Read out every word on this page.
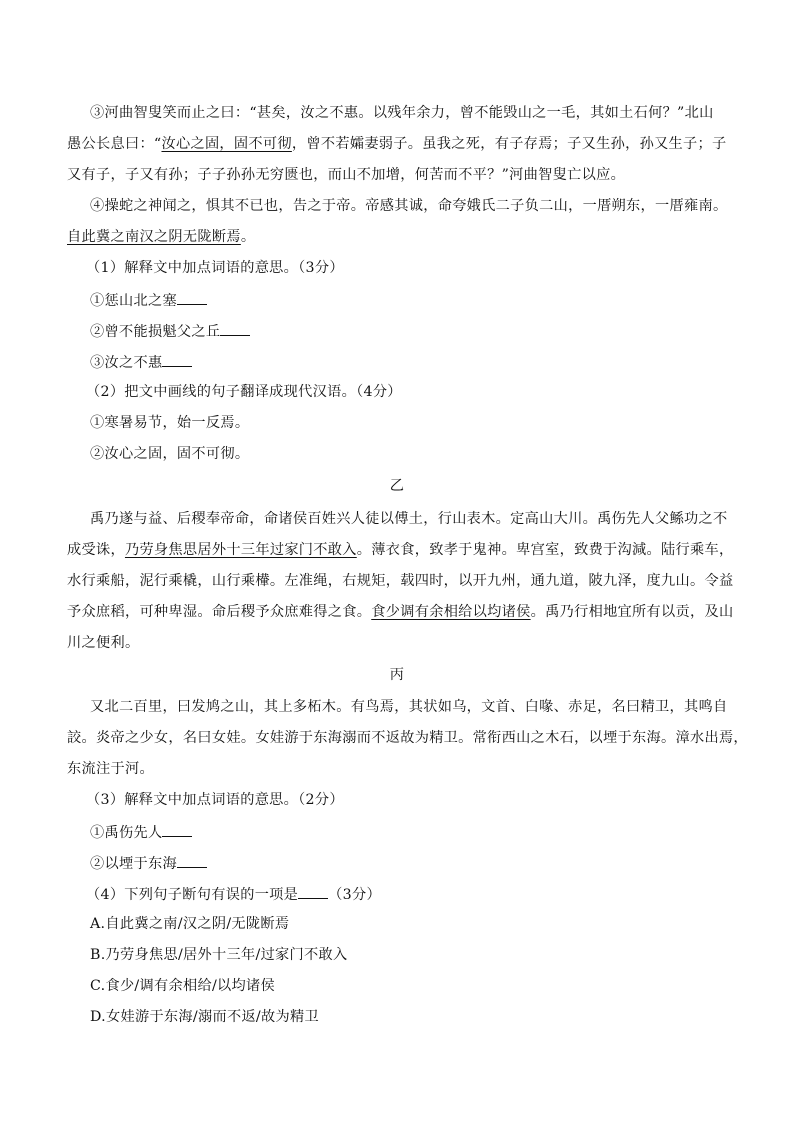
③河曲智叟笑而止之曰：“甚矣，汝之不惠。以残年余力，曾不能毁山之一毛，其如土石何？”北山
愚公长息曰：“汝心之固，固不可彻，曾不若孀妻弱子。虽我之死，有子存焉；子又生孙，孙又生子；子
又有子，子又有孙；子子孙孙无穷匮也，而山不加增，何苦而不平？”河曲智叟亡以应。
④操蛇之神闻之，惧其不已也，告之于帝。帝感其诚，命夸娥氏二子负二山，一厝朔东，一厝雍南。
自此冀之南汉之阴无陇断焉。
（1）解释文中加点词语的意思。（3分）
①惩山北之塞
②曾不能损魁父之丘
③汝之不惠
（2）把文中画线的句子翻译成现代汉语。（4分）
①寒暑易节，始一反焉。
②汝心之固，固不可彻。
乙
禹乃遂与益、后稷奉帝命，命诸侯百姓兴人徒以傅土，行山表木。定高山大川。禹伤先人父鲧功之不
成受诛，乃劳身焦思居外十三年过家门不敢入。薄衣食，致孝于鬼神。卑宫室，致费于沟減。陆行乘车，
水行乘船，泥行乘橇，山行乘檋。左准绳，右规矩，载四时，以开九州，通九道，陂九泽，度九山。令益
予众庶稻，可种卑湿。命后稷予众庶难得之食。食少调有余相给以均诸侯。禹乃行相地宜所有以贡，及山
川之便利。
丙
又北二百里，曰发鸠之山，其上多柘木。有鸟焉，其状如乌，文首、白喙、赤足，名曰精卫，其鸣自
詨。炎帝之少女，名曰女娃。女娃游于东海溺而不返故为精卫。常衔西山之木石，以堙于东海。漳水出焉，
东流注于河。
（3）解释文中加点词语的意思。（2分）
①禹伤先人
②以堙于东海
（4）下列句子断句有误的一项是 （3分）
A.自此冀之南/汉之阴/无陇断焉
B.乃劳身焦思/居外十三年/过家门不敢入
C.食少/调有余相给/以均诸侯
D.女娃游于东海/溺而不返/故为精卫
